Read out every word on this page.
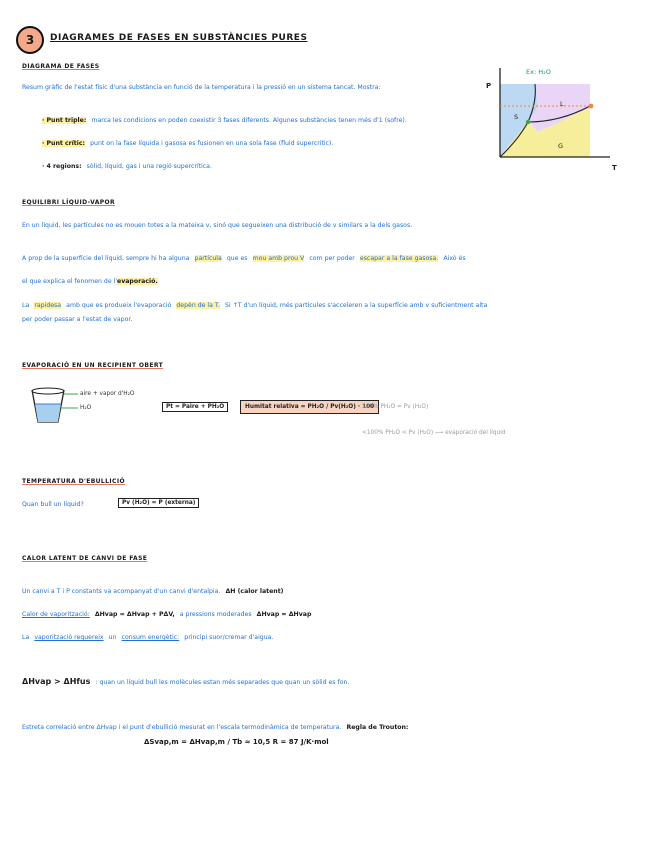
3	DIAGRAMES DE FASES EN SUBSTÀNCIES PURES
DIAGRAMA DE FASES
Resum gràfic de l'estat físic d'una substància en funció de la temperatura i la pressió en un sistema tancat. Mostra:
· Punt triple: marca les condicions en poden coexistir 3 fases diferents. Algunes substàncies tenen més d'1 (sofre).
· Punt crític: punt on la fase líquida i gasosa es fusionen en una sola fase (fluid supercrític).
· 4 regions: sòlid, líquid, gas i una regió supercrítica.
Ex: H₂O
P
T
S
L
G
EQUILIBRI LÍQUID-VAPOR
En un líquid, les partícules no es mouen totes a la mateixa v, sinó que segueixen una distribució de v similars a la dels gasos.
A prop de la superfície del líquid, sempre hi ha alguna partícula que es mou amb prou V com per poder escapar a la fase gasosa. Això és
el que explica el fenomen de l'evaporació.
La rapidesa amb que es produeix l'evaporació depèn de la T. Si ↑T d'un líquid, més partícules s'acceleren a la superfície amb v suficientment alta
per poder passar a l'estat de vapor.
EVAPORACIÓ EN UN RECIPIENT OBERT
aire + vapor d'H₂O
H₂O	Pt = Paire + PH₂O	Humitat relativa = PH₂O / Pv(H₂O) · 100
100% PH₂O = Pv (H₂O)
<100% PH₂O < Pv (H₂O) ⟶ evaporació del líquid
TEMPERATURA D'EBULLICIÓ
Quan bull un líquid?	Pv (H₂O) = P (externa)
CALOR LATENT DE CANVI DE FASE
Un canvi a T i P constants va acompanyat d'un canvi d'entalpia. ΔH (calor latent)
Calor de vaporització: ΔHvap = ΔHvap + PΔV, a pressions moderades ΔHvap ≈ ΔHvap
La vaporització requereix un consum energètic: principi suor/cremar d'aigua.
ΔHvap > ΔHfus : quan un líquid bull les molècules estan més separades que quan un sòlid es fon.
Estreta correlació entre ΔHvap i el punt d'ebullició mesurat en l'escala termodinàmica de temperatura. Regla de Trouton:
ΔSvap,m = ΔHvap,m / Tb ≈ 10,5 R = 87 J/K·mol
